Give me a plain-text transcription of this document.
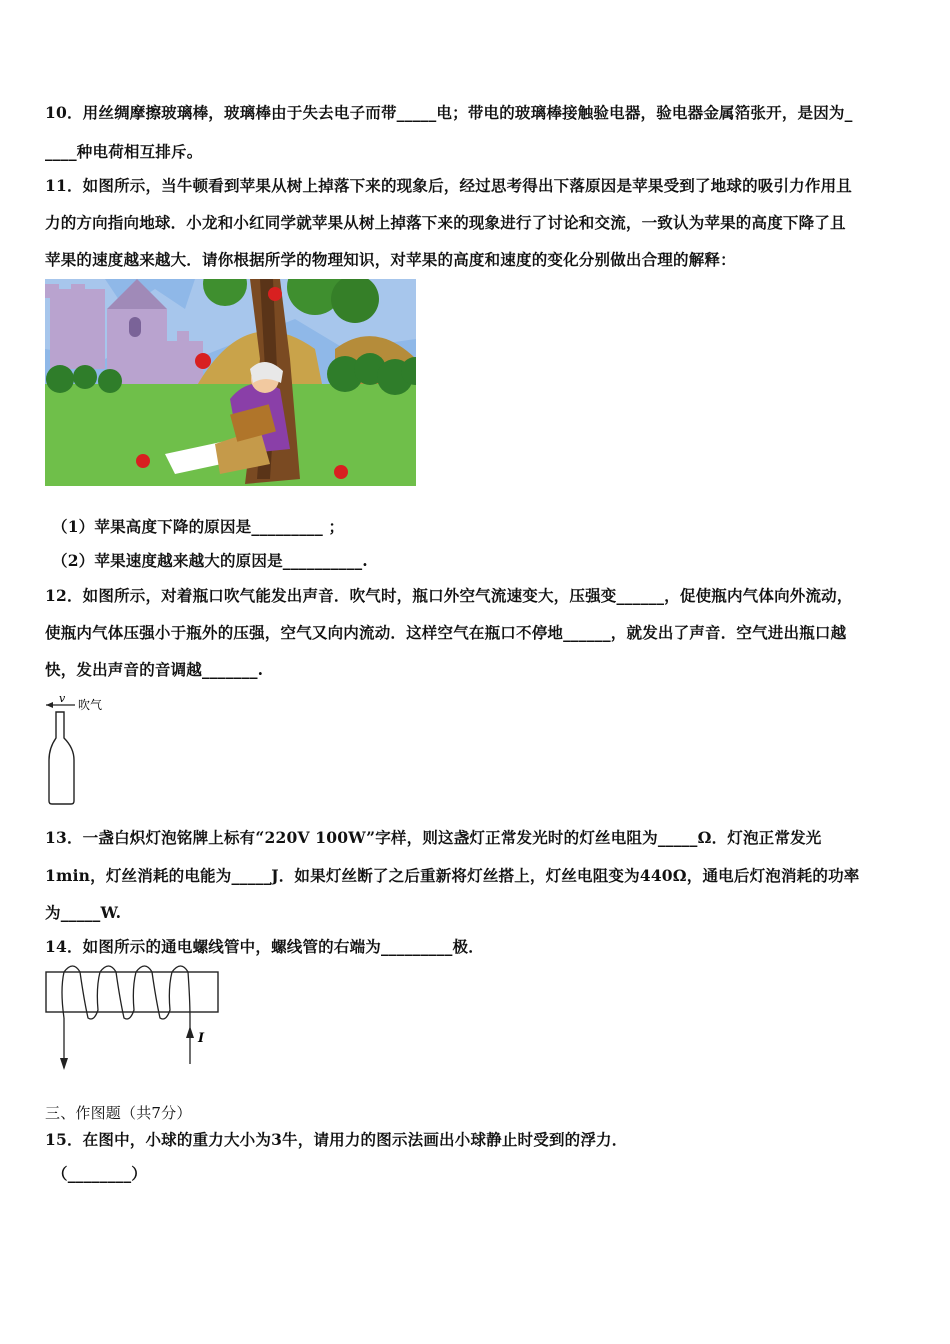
10．用丝绸摩擦玻璃棒，玻璃棒由于失去电子而带_____电；带电的玻璃棒接触验电器，验电器金属箔张开，是因为_
____种电荷相互排斥。
11．如图所示，当牛顿看到苹果从树上掉落下来的现象后，经过思考得出下落原因是苹果受到了地球的吸引力作用且
力的方向指向地球．小龙和小红同学就苹果从树上掉落下来的现象进行了讨论和交流，一致认为苹果的高度下降了且
苹果的速度越来越大．请你根据所学的物理知识，对苹果的高度和速度的变化分别做出合理的解释：
（1）苹果高度下降的原因是_________ ；
（2）苹果速度越来越大的原因是__________.
12．如图所示，对着瓶口吹气能发出声音．吹气时，瓶口外空气流速变大，压强变______，促使瓶内气体向外流动，
使瓶内气体压强小于瓶外的压强，空气又向内流动．这样空气在瓶口不停地______，就发出了声音．空气进出瓶口越
快，发出声音的音调越_______.
v 吹气
13．一盏白炽灯泡铭牌上标有“220V 100W”字样，则这盏灯正常发光时的灯丝电阻为_____Ω．灯泡正常发光
1min，灯丝消耗的电能为_____J．如果灯丝断了之后重新将灯丝搭上，灯丝电阻变为440Ω，通电后灯泡消耗的功率
为_____W.
14．如图所示的通电螺线管中，螺线管的右端为_________极．
I
三、作图题（共7分）
15．在图中，小球的重力大小为3牛，请用力的图示法画出小球静止时受到的浮力．
（________）
